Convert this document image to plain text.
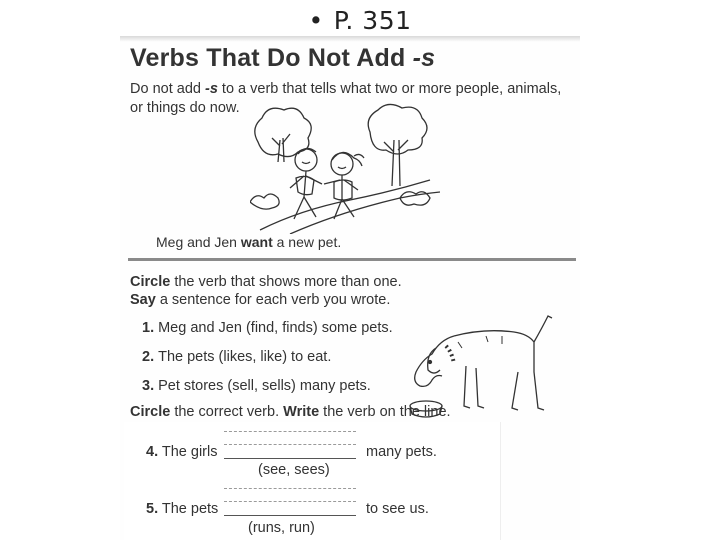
• P. 351
Verbs That Do Not Add -s
Do not add -s to a verb that tells what two or more people, animals, or things do now.
Meg and Jen want a new pet.
Circle the verb that shows more than one.
Say a sentence for each verb you wrote.
1. Meg and Jen (find, finds) some pets.
2. The pets (likes, like) to eat.
3. Pet stores (sell, sells) many pets.
Circle the correct verb. Write the verb on the line.
4. The girls	many pets.
(see, sees)
5. The pets	to see us.
(runs, run)
